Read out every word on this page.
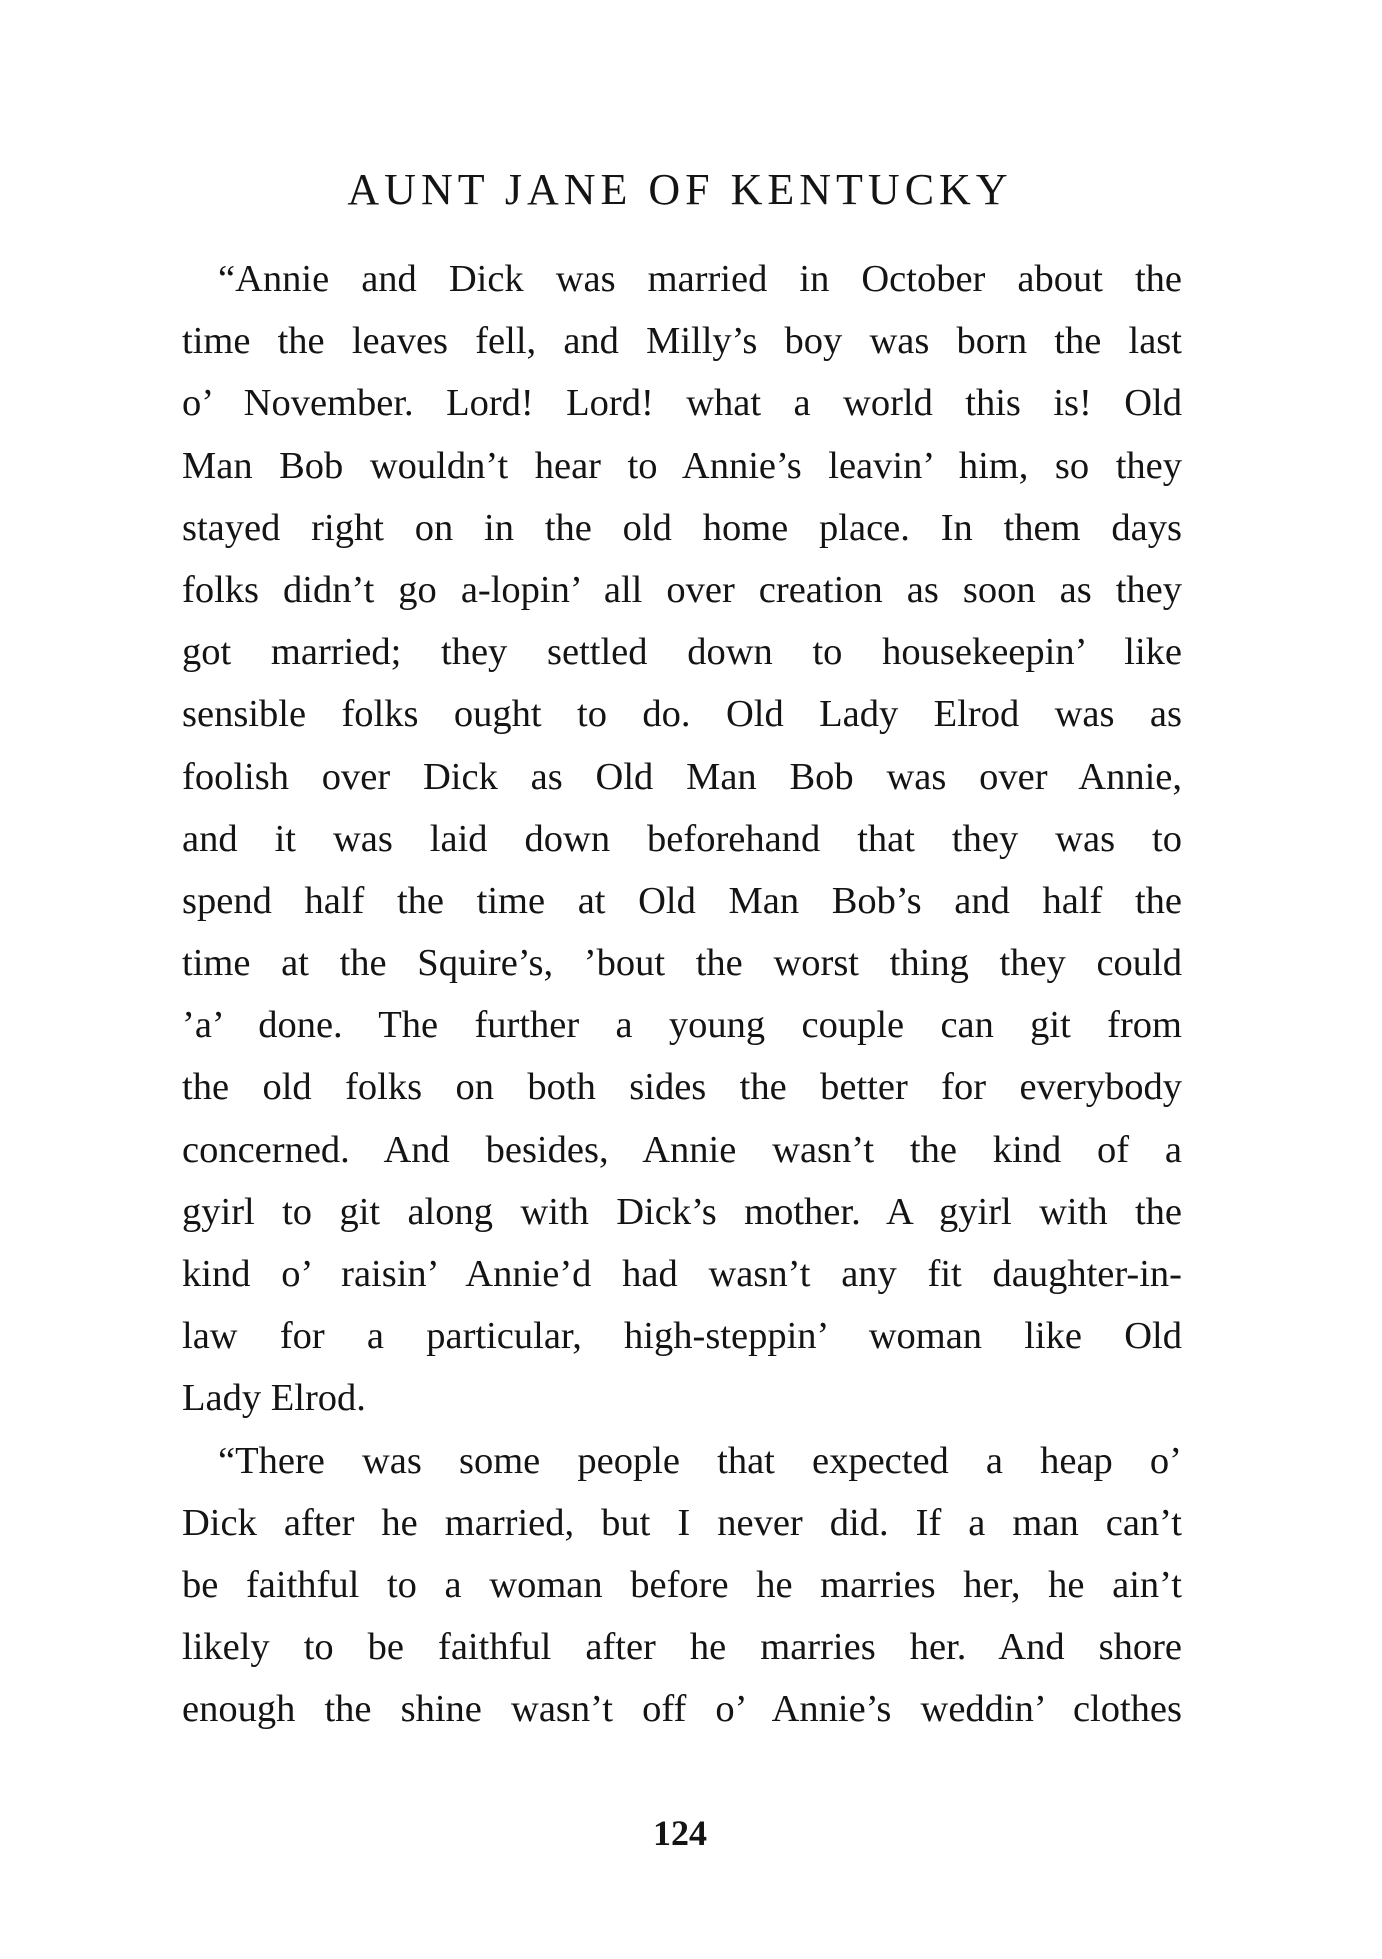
AUNT JANE OF KENTUCKY
“Annie and Dick was married in October about the
time the leaves fell, and Milly’s boy was born the last
o’ November. Lord! Lord! what a world this is! Old
Man Bob wouldn’t hear to Annie’s leavin’ him, so they
stayed right on in the old home place. In them days
folks didn’t go a-lopin’ all over creation as soon as they
got married; they settled down to housekeepin’ like
sensible folks ought to do. Old Lady Elrod was as
foolish over Dick as Old Man Bob was over Annie,
and it was laid down beforehand that they was to
spend half the time at Old Man Bob’s and half the
time at the Squire’s, ’bout the worst thing they could
’a’ done. The further a young couple can git from
the old folks on both sides the better for everybody
concerned. And besides, Annie wasn’t the kind of a
gyirl to git along with Dick’s mother. A gyirl with the
kind o’ raisin’ Annie’d had wasn’t any fit daughter-in-
law for a particular, high-steppin’ woman like Old
Lady Elrod.
“There was some people that expected a heap o’
Dick after he married, but I never did. If a man can’t
be faithful to a woman before he marries her, he ain’t
likely to be faithful after he marries her. And shore
enough the shine wasn’t off o’ Annie’s weddin’ clothes
124
